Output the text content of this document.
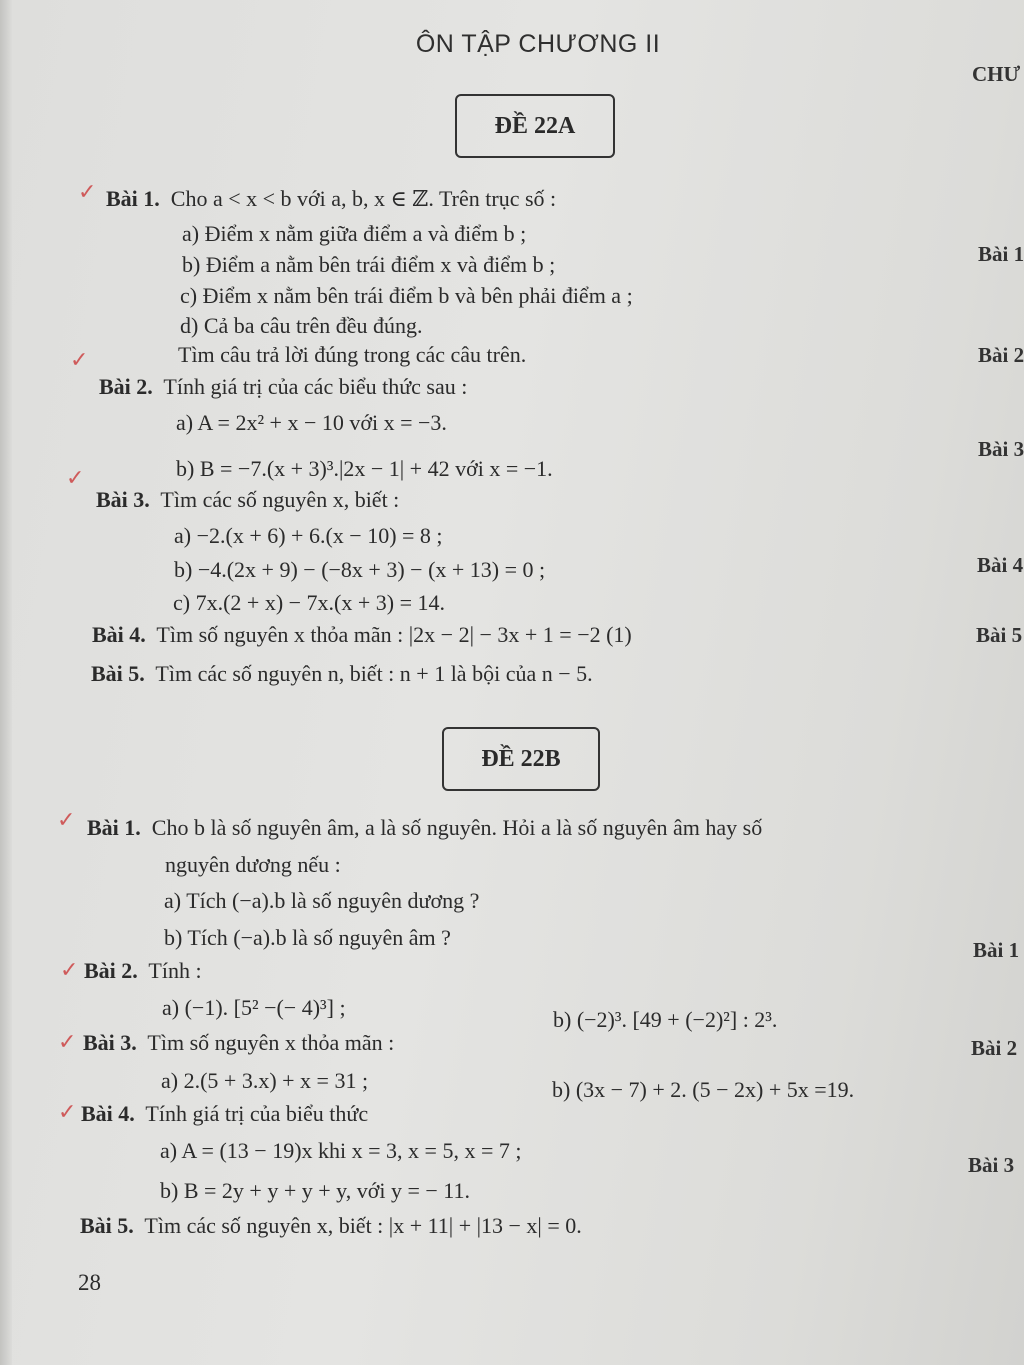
ÔN TẬP CHƯƠNG II
CHƯ
Bài 1
Bài 2
Bài 3
Bài 4
Bài 5
Bài 1
Bài 2
Bài 3
ĐỀ 22A
✓ Bài 1. Cho a < x < b với a, b, x ∈ ℤ. Trên trục số :
a) Điểm x nằm giữa điểm a và điểm b ;
b) Điểm a nằm bên trái điểm x và điểm b ;
c) Điểm x nằm bên trái điểm b và bên phải điểm a ;
d) Cả ba câu trên đều đúng.
Tìm câu trả lời đúng trong các câu trên.
✓
Bài 2. Tính giá trị của các biểu thức sau :
a) A = 2x² + x − 10 với x = −3.
b) B = −7.(x + 3)³.|2x − 1| + 42 với x = −1.
✓
Bài 3. Tìm các số nguyên x, biết :
a) −2.(x + 6) + 6.(x − 10) = 8 ;
b) −4.(2x + 9) − (−8x + 3) − (x + 13) = 0 ;
c) 7x.(2 + x) − 7x.(x + 3) = 14.
Bài 4. Tìm số nguyên x thỏa mãn : |2x − 2| − 3x + 1 = −2 (1)
Bài 5. Tìm các số nguyên n, biết : n + 1 là bội của n − 5.
ĐỀ 22B
✓ Bài 1. Cho b là số nguyên âm, a là số nguyên. Hỏi a là số nguyên âm hay số
nguyên dương nếu :
a) Tích (−a).b là số nguyên dương ?
b) Tích (−a).b là số nguyên âm ?
✓ Bài 2. Tính :
a) (−1). [5² −(− 4)³] ;	b) (−2)³. [49 + (−2)²] : 2³.
✓ Bài 3. Tìm số nguyên x thỏa mãn :
a) 2.(5 + 3.x) + x = 31 ;	b) (3x − 7) + 2. (5 − 2x) + 5x =19.
✓ Bài 4. Tính giá trị của biểu thức
a) A = (13 − 19)x khi x = 3, x = 5, x = 7 ;
b) B = 2y + y + y + y, với y = − 11.
Bài 5. Tìm các số nguyên x, biết : |x + 11| + |13 − x| = 0.
28
